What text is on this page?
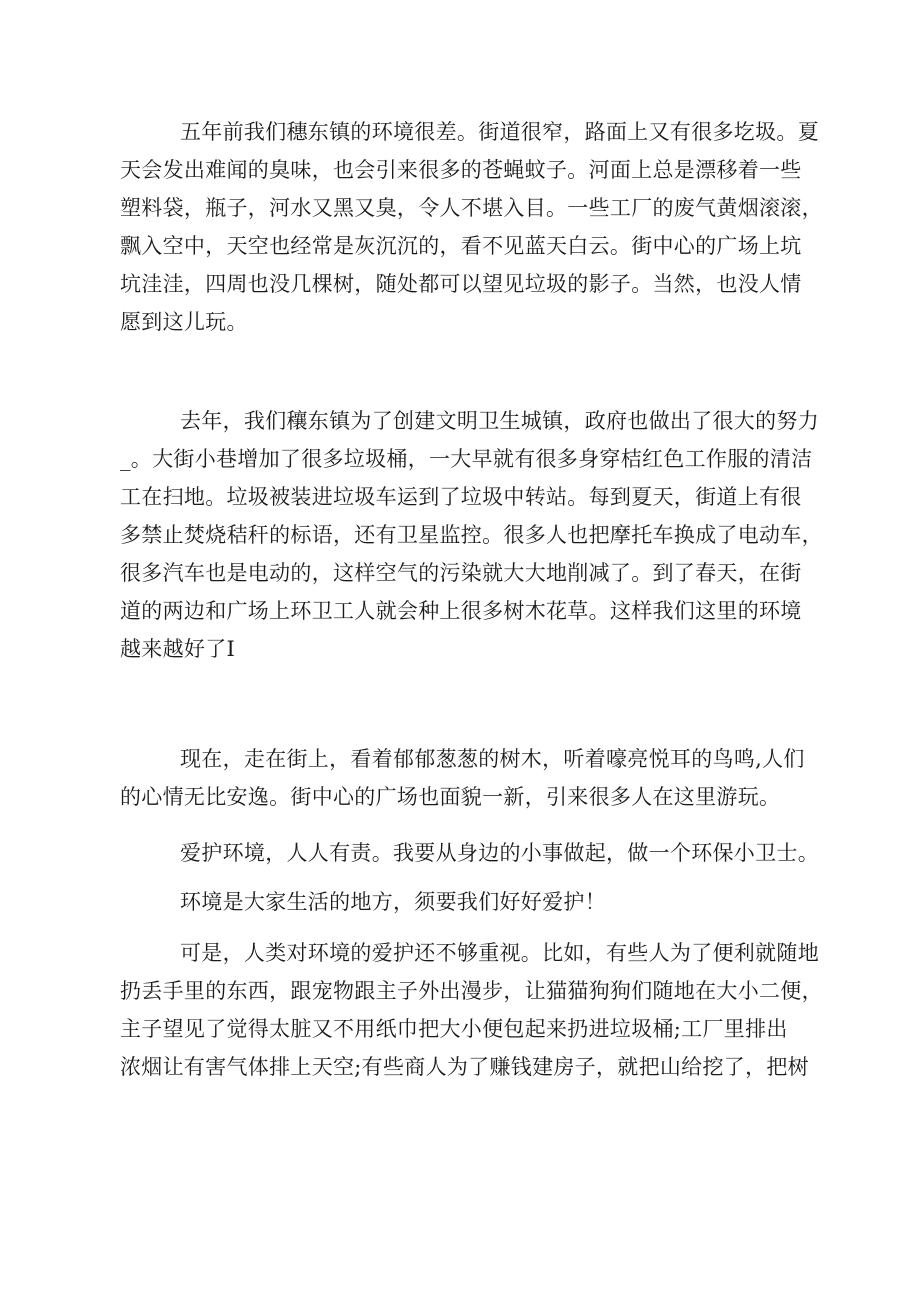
五年前我们穗东镇的环境很差。街道很窄，路面上又有很多圪圾。夏
天会发出难闻的臭味，也会引来很多的苍蝇蚊子。河面上总是漂移着一些
塑料袋，瓶子，河水又黑又臭，令人不堪入目。一些工厂的废气黄烟滚滚，
飘入空中，天空也经常是灰沉沉的，看不见蓝天白云。街中心的广场上坑
坑洼洼，四周也没几棵树，随处都可以望见垃圾的影子。当然，也没人情
愿到这儿玩。
去年，我们穰东镇为了创建文明卫生城镇，政府也做出了很大的努力
_。大街小巷增加了很多垃圾桶，一大早就有很多身穿桔红色工作服的清洁
工在扫地。垃圾被装进垃圾车运到了垃圾中转站。每到夏天，街道上有很
多禁止焚烧秸秆的标语，还有卫星监控。很多人也把摩托车换成了电动车，
很多汽车也是电动的，这样空气的污染就大大地削减了。到了春天，在街
道的两边和广场上环卫工人就会种上很多树木花草。这样我们这里的环境
越来越好了I
现在，走在街上，看着郁郁葱葱的树木，听着嚎亮悦耳的鸟鸣,人们
的心情无比安逸。街中心的广场也面貌一新，引来很多人在这里游玩。
爱护环境，人人有责。我要从身边的小事做起，做一个环保小卫士。
环境是大家生活的地方，须要我们好好爱护！
可是，人类对环境的爱护还不够重视。比如，有些人为了便利就随地
扔丢手里的东西，跟宠物跟主子外出漫步，让猫猫狗狗们随地在大小二便，
主子望见了觉得太脏又不用纸巾把大小便包起来扔进垃圾桶;工厂里排出
浓烟让有害气体排上天空;有些商人为了赚钱建房子，就把山给挖了，把树
